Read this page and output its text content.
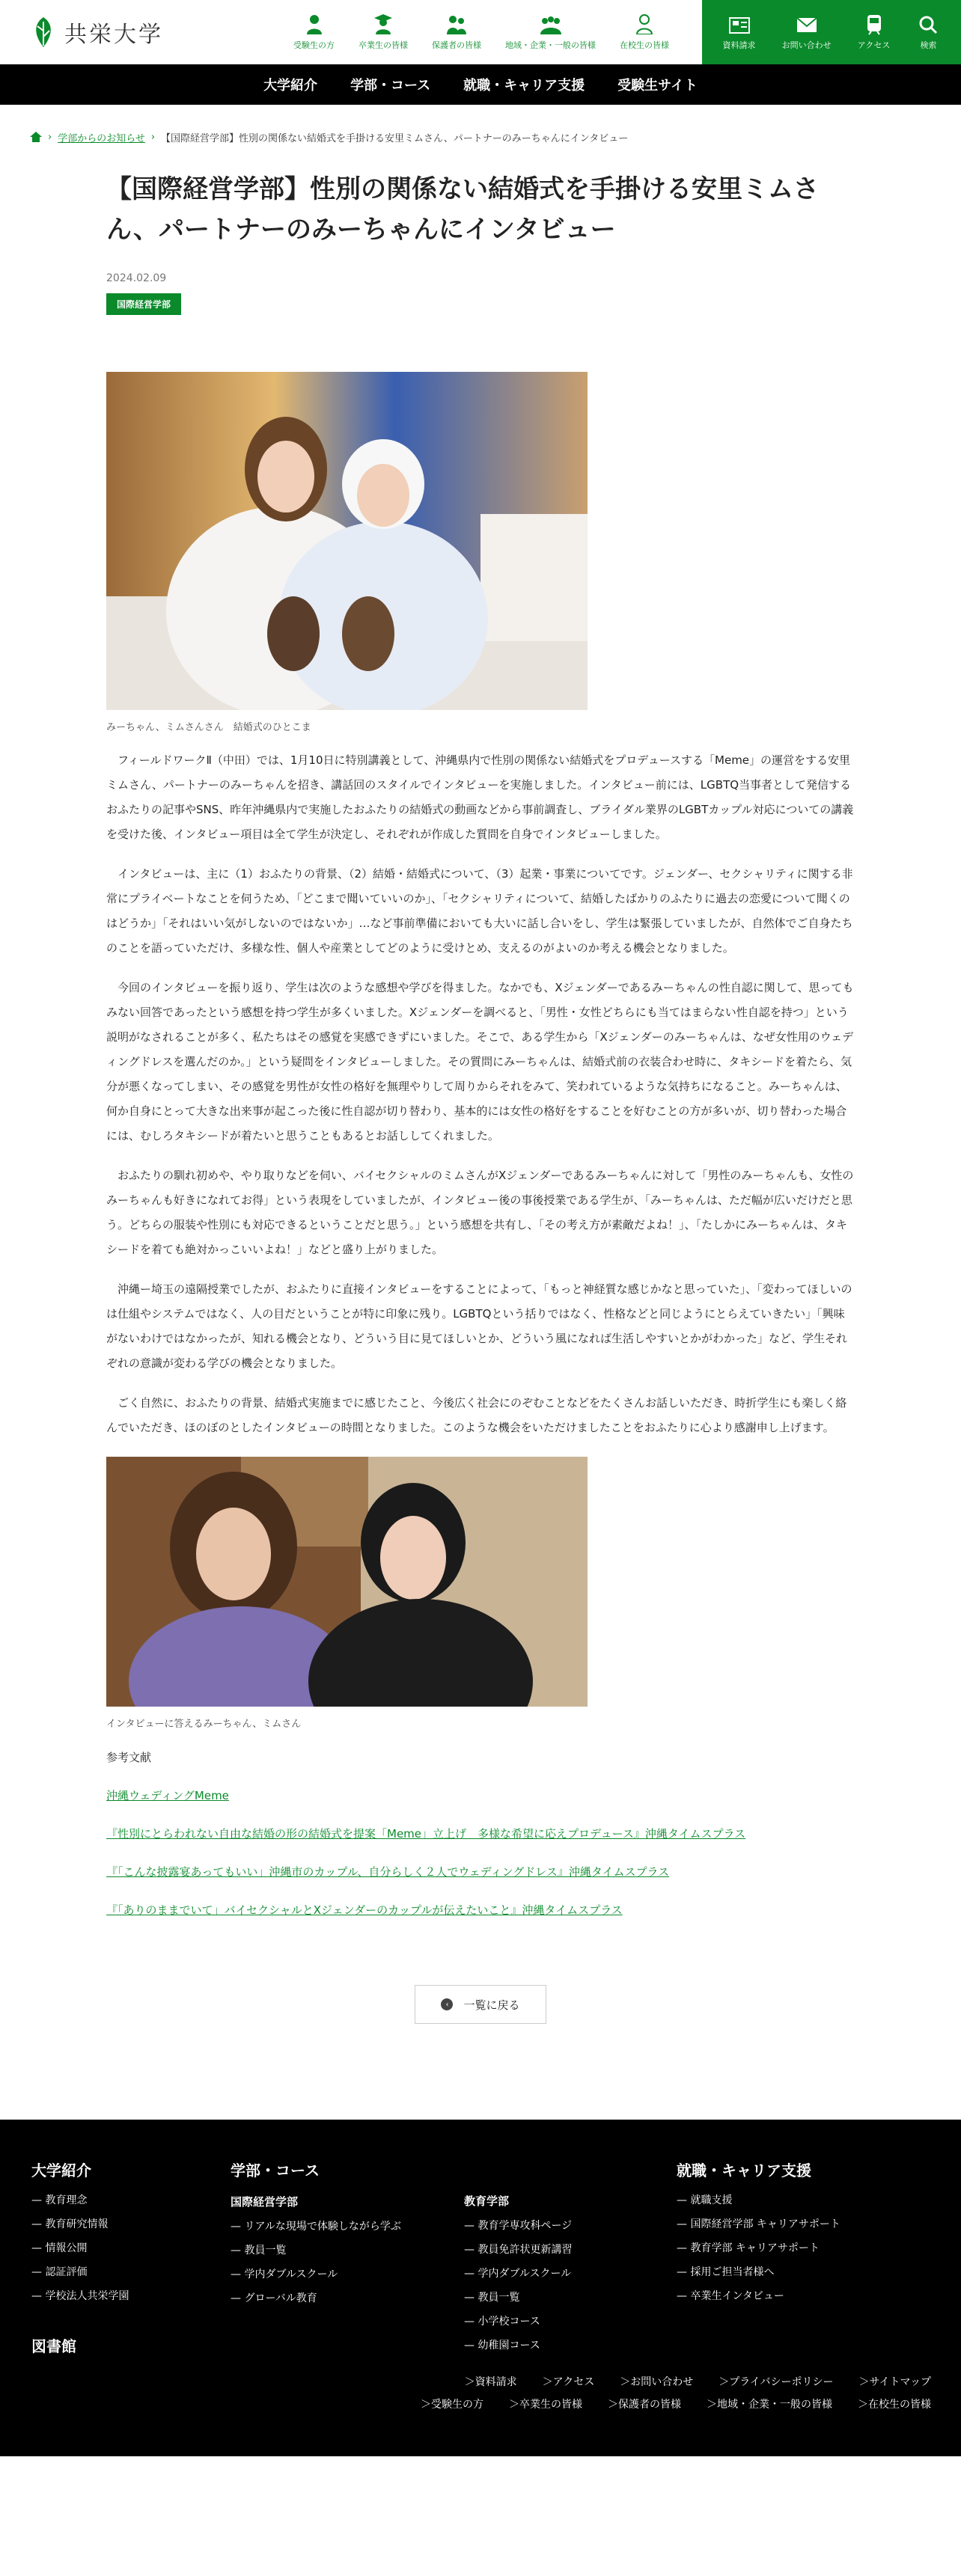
共栄大学	受験生の方	卒業生の皆様	保護者の皆様	地域・企業・一般の皆様	在校生の皆様	資料請求	お問い合わせ	アクセス	検索
大学紹介 学部・コース 就職・キャリア支援 受験生サイト
› 学部からのお知らせ › 【国際経営学部】性別の関係ない結婚式を手掛ける安里ミムさん、パートナーのみーちゃんにインタビュー
【国際経営学部】性別の関係ない結婚式を手掛ける安里ミムさん、パートナーのみーちゃんにインタビュー
2024.02.09
国際経営学部
みーちゃん、ミムさんさん　結婚式のひとこま

フィールドワークⅡ（中田）では、1月10日に特別講義として、沖縄県内で性別の関係ない結婚式をプロデュースする「Meme」の運営をする安里ミムさん、パートナーのみーちゃんを招き、講話回のスタイルでインタビューを実施しました。インタビュー前には、LGBTQ当事者として発信するおふたりの記事やSNS、昨年沖縄県内で実施したおふたりの結婚式の動画などから事前調査し、ブライダル業界のLGBTカップル対応についての講義を受けた後、インタビュー項目は全て学生が決定し、それぞれが作成した質問を自身でインタビューしました。

インタビューは、主に（1）おふたりの背景、（2）結婚・結婚式について、（3）起業・事業についてです。ジェンダー、セクシャリティに関する非常にプライベートなことを伺うため、「どこまで聞いていいのか」、「セクシャリティについて、結婚したばかりのふたりに過去の恋愛について聞くのはどうか」「それはいい気がしないのではないか」…など事前準備においても大いに話し合いをし、学生は緊張していましたが、自然体でご自身たちのことを語っていただけ、多様な性、個人や産業としてどのように受けとめ、支えるのがよいのか考える機会となりました。

今回のインタビューを振り返り、学生は次のような感想や学びを得ました。なかでも、Xジェンダーであるみーちゃんの性自認に関して、思ってもみない回答であったという感想を持つ学生が多くいました。Xジェンダーを調べると、「男性・女性どちらにも当てはまらない性自認を持つ」という説明がなされることが多く、私たちはその感覚を実感できずにいました。そこで、ある学生から「Xジェンダーのみーちゃんは、なぜ女性用のウェディングドレスを選んだのか。」という疑問をインタビューしました。その質問にみーちゃんは、結婚式前の衣装合わせ時に、タキシードを着たら、気分が悪くなってしまい、その感覚を男性が女性の格好を無理やりして周りからそれをみて、笑われているような気持ちになること。みーちゃんは、何か自身にとって大きな出来事が起こった後に性自認が切り替わり、基本的には女性の格好をすることを好むことの方が多いが、切り替わった場合には、むしろタキシードが着たいと思うこともあるとお話ししてくれました。

おふたりの馴れ初めや、やり取りなどを伺い、バイセクシャルのミムさんがXジェンダーであるみーちゃんに対して「男性のみーちゃんも、女性のみーちゃんも好きになれてお得」という表現をしていましたが、インタビュー後の事後授業である学生が、「みーちゃんは、ただ幅が広いだけだと思う。どちらの服装や性別にも対応できるということだと思う。」という感想を共有し、「その考え方が素敵だよね！」、「たしかにみーちゃんは、タキシードを着ても絶対かっこいいよね！」などと盛り上がりました。

沖縄ー埼玉の遠隔授業でしたが、おふたりに直接インタビューをすることによって、「もっと神経質な感じかなと思っていた」、「変わってほしいのは仕組やシステムではなく、人の目だということが特に印象に残り。LGBTQという括りではなく、性格などと同じようにとらえていきたい」「興味がないわけではなかったが、知れる機会となり、どういう目に見てほしいとか、どういう風になれば生活しやすいとかがわかった」など、学生それぞれの意識が変わる学びの機会となりました。

ごく自然に、おふたりの背景、結婚式実施までに感じたこと、今後広く社会にのぞむことなどをたくさんお話しいただき、時折学生にも楽しく絡んでいただき、ほのぼのとしたインタビューの時間となりました。このような機会をいただけましたことをおふたりに心より感謝申し上げます。

インタビューに答えるみーちゃん、ミムさん
参考文献
沖縄ウェディングMeme
『性別にとらわれない自由な結婚の形の結婚式を提案「Meme」立上げ　多様な希望に応えプロデュース』沖縄タイムスプラス
『「こんな披露宴あってもいい」沖縄市のカップル、自分らしく２人でウェディングドレス』沖縄タイムスプラス
『「ありのままでいて」バイセクシャルとXジェンダーのカップルが伝えたいこと』沖縄タイムスプラス
‹	一覧に戻る
大学紹介
— 教育理念
— 教育研究情報
— 情報公開
— 認証評価
— 学校法人共栄学園
図書館
学部・コース
国際経営学部
— リアルな現場で体験しながら学ぶ
— 教員一覧
— 学内ダブルスクール
— グローバル教育
教育学部
— 教育学専攻科ページ
— 教員免許状更新講習
— 学内ダブルスクール
— 教員一覧
— 小学校コース
— 幼稚園コース
就職・キャリア支援
— 就職支援
— 国際経営学部 キャリアサポート
— 教育学部 キャリアサポート
— 採用ご担当者様へ
— 卒業生インタビュー
＞資料請求 ＞アクセス ＞お問い合わせ ＞プライバシーポリシー ＞サイトマップ
＞受験生の方 ＞卒業生の皆様 ＞保護者の皆様 ＞地域・企業・一般の皆様 ＞在校生の皆様
